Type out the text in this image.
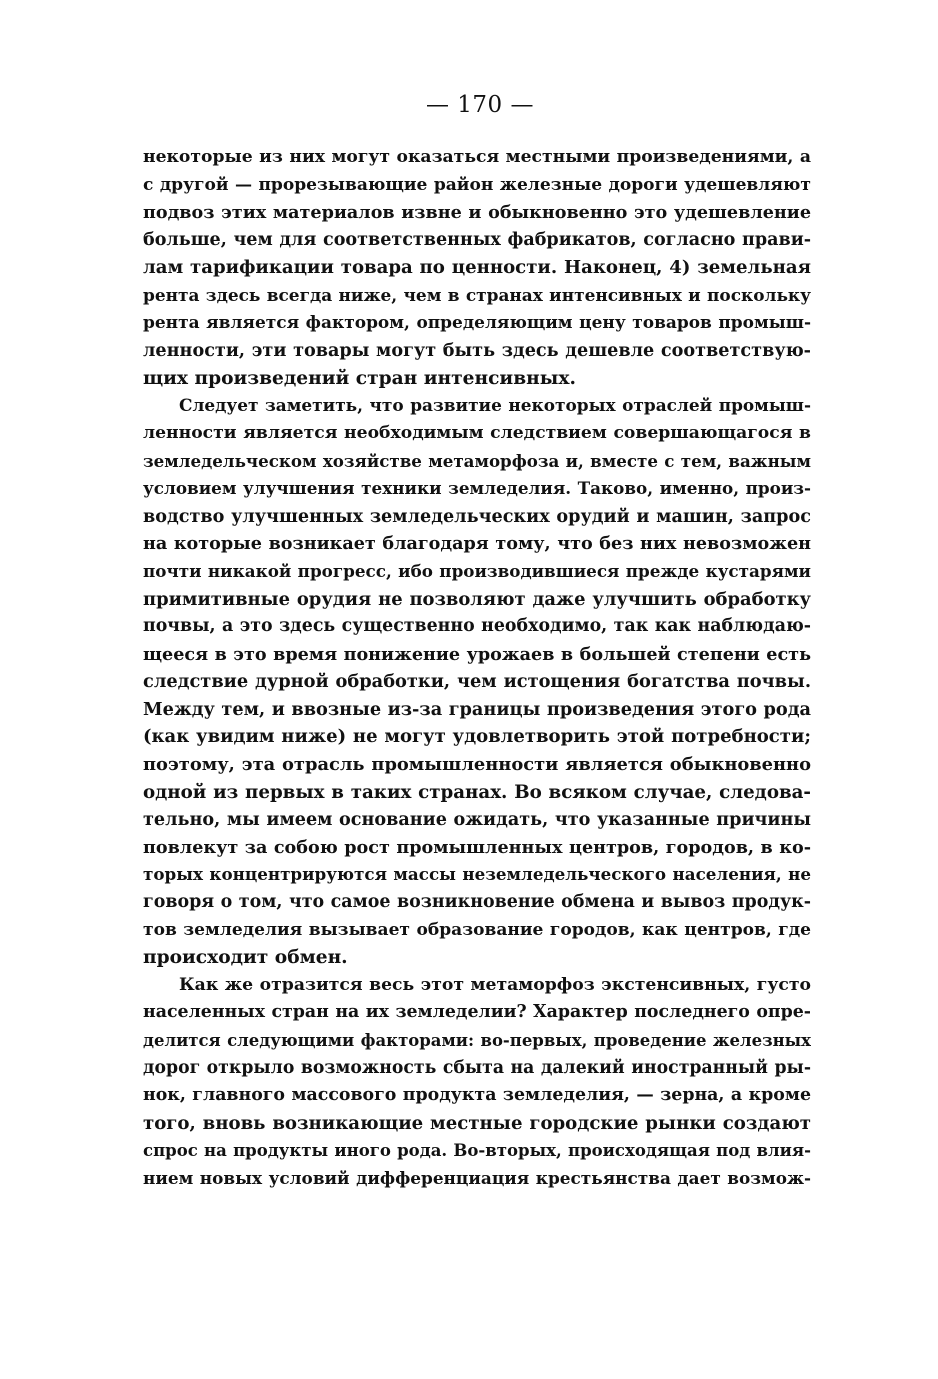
— 170 —
некоторые из них могут оказаться местными произведениями, а
с другой — прорезывающие район железные дороги удешевляют
подвоз этих материалов извне и обыкновенно это удешевление
больше, чем для соответственных фабрикатов, согласно прави-
лам тарификации товара по ценности. Наконец, 4) земельная
рента здесь всегда ниже, чем в странах интенсивных и поскольку
рента является фактором, определяющим цену товаров промыш-
ленности, эти товары могут быть здесь дешевле соответствую-
щих произведений стран интенсивных.
Следует заметить, что развитие некоторых отраслей промыш-
ленности является необходимым следствием совершающагося в
земледельческом хозяйстве метаморфоза и, вместе с тем, важным
условием улучшения техники земледелия. Таково, именно, произ-
водство улучшенных земледельческих орудий и машин, запрос
на которые возникает благодаря тому, что без них невозможен
почти никакой прогресс, ибо производившиеся прежде кустарями
примитивные орудия не позволяют даже улучшить обработку
почвы, а это здесь существенно необходимо, так как наблюдаю-
щееся в это время понижение урожаев в большей степени есть
следствие дурной обработки, чем истощения богатства почвы.
Между тем, и ввозные из-за границы произведения этого рода
(как увидим ниже) не могут удовлетворить этой потребности;
поэтому, эта отрасль промышленности является обыкновенно
одной из первых в таких странах. Во всяком случае, следова-
тельно, мы имеем основание ожидать, что указанные причины
повлекут за собою рост промышленных центров, городов, в ко-
торых концентрируются массы неземледельческого населения, не
говоря о том, что самое возникновение обмена и вывоз продук-
тов земледелия вызывает образование городов, как центров, где
происходит обмен.
Как же отразится весь этот метаморфоз экстенсивных, густо
населенных стран на их земледелии? Характер последнего опре-
делится следующими факторами: во-первых, проведение железных
дорог открыло возможность сбыта на далекий иностранный ры-
нок, главного массового продукта земледелия, — зерна, а кроме
того, вновь возникающие местные городские рынки создают
спрос на продукты иного рода. Во-вторых, происходящая под влия-
нием новых условий дифференциация крестьянства дает возмож-
